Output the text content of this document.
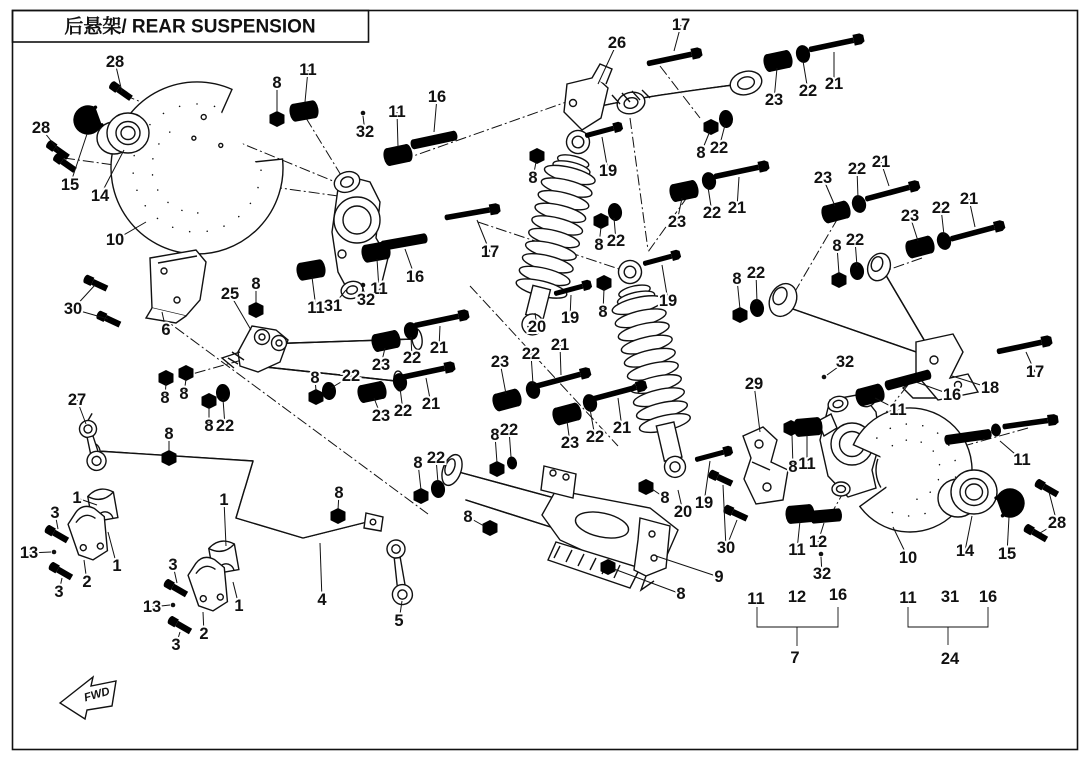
后悬架/ REAR SUSPENSION
FWD
28
28
15
14
10
30
6
8
11
32
11
16
17
16
11
32
31
11
25
8
8 8
8 22
8 22
23 22
21
23 22 21
8	19
8 22
20 19
26
17
23 22 21
8 22
23 22 21
23 22 21
23 22 21
8 22
8 22
19
8
29
32
16 18
17
23 22 21
8 22
8 22
23 22 21
8
8	8
20 19
30
9
8
27
8
1
3
13
3
2
1
1
3
13
3
2
1	4
5
8 11
11 12
32
11
11
28
10 14 15
11 12 16
7
11 31 16
24
